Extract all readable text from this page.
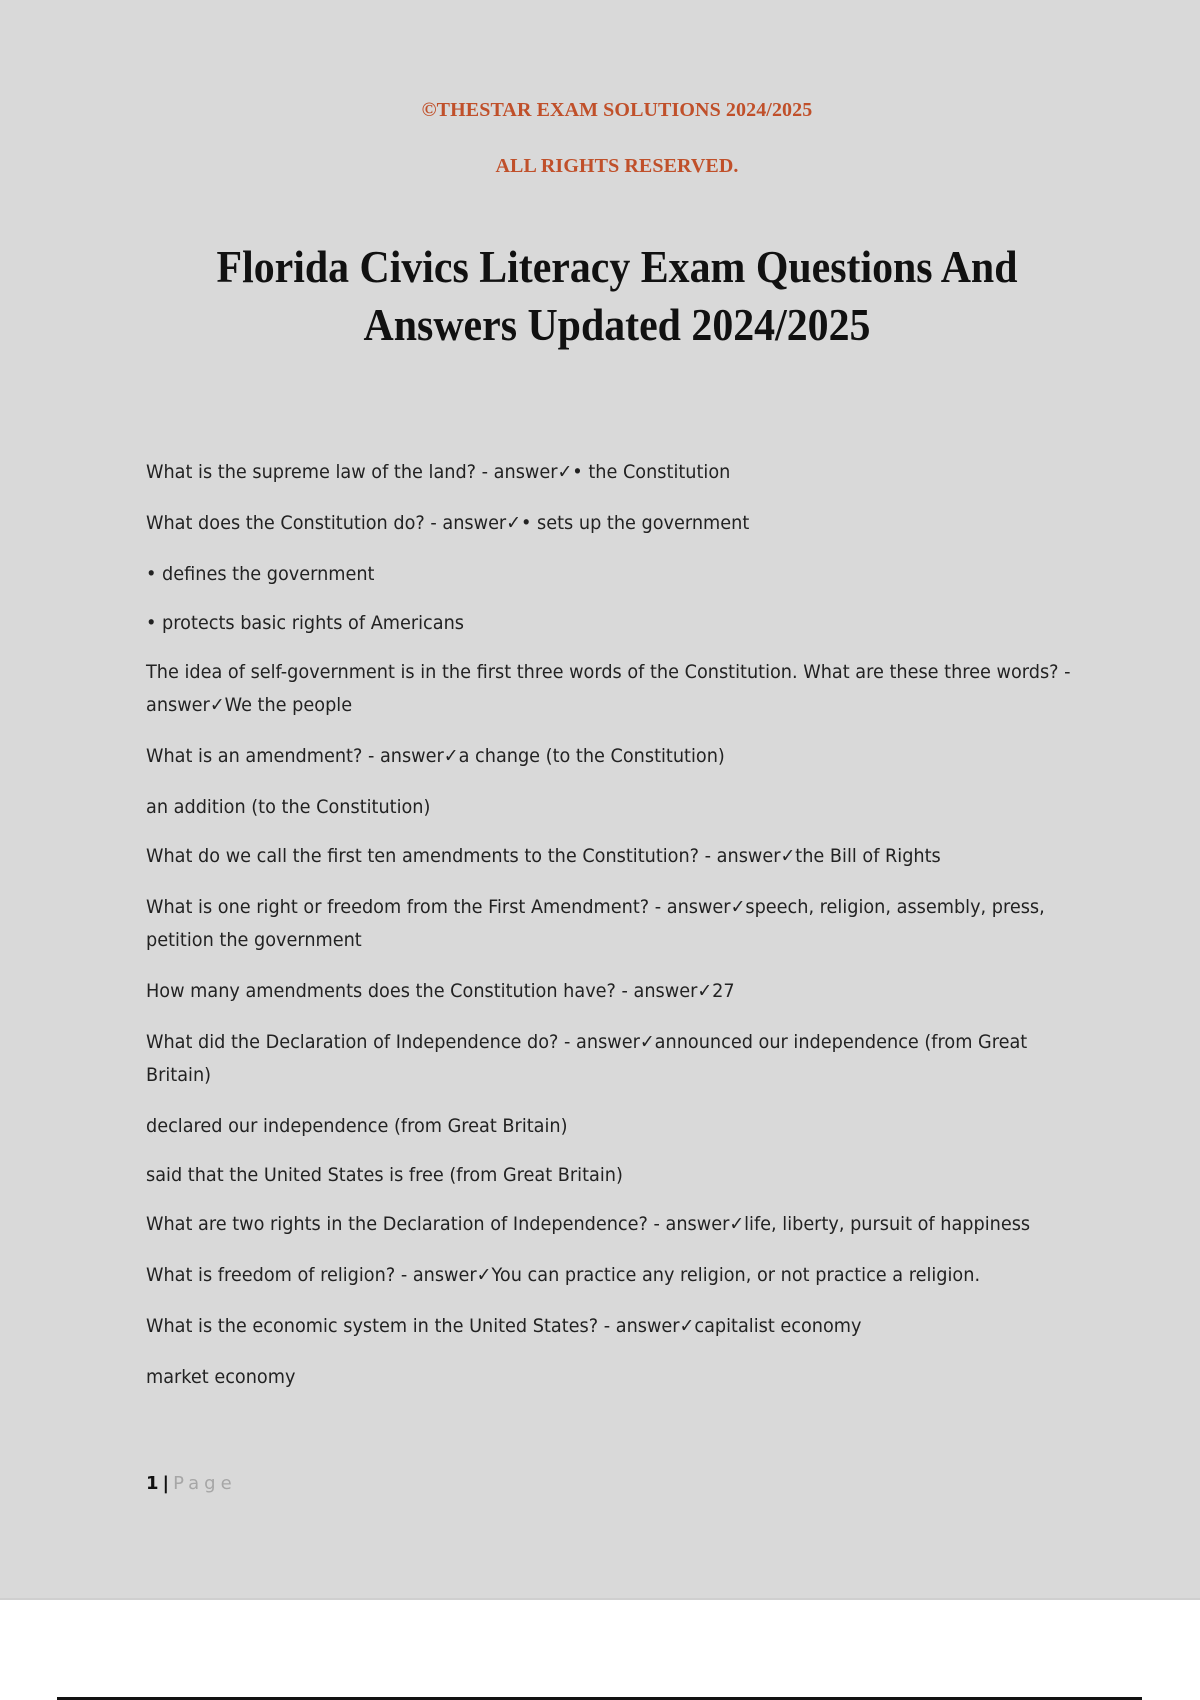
©THESTAR EXAM SOLUTIONS 2024/2025
ALL RIGHTS RESERVED.
Florida Civics Literacy Exam Questions And
Answers Updated 2024/2025

What is the supreme law of the land? - answer✓• the Constitution

What does the Constitution do? - answer✓• sets up the government

• defines the government

• protects basic rights of Americans

The idea of self-government is in the first three words of the Constitution. What are these three words? - answer✓We the people

What is an amendment? - answer✓a change (to the Constitution)

an addition (to the Constitution)

What do we call the first ten amendments to the Constitution? - answer✓the Bill of Rights

What is one right or freedom from the First Amendment? - answer✓speech, religion, assembly, press, petition the government

How many amendments does the Constitution have? - answer✓27

What did the Declaration of Independence do? - answer✓announced our independence (from Great Britain)

declared our independence (from Great Britain)

said that the United States is free (from Great Britain)

What are two rights in the Declaration of Independence? - answer✓life, liberty, pursuit of happiness

What is freedom of religion? - answer✓You can practice any religion, or not practice a religion.

What is the economic system in the United States? - answer✓capitalist economy

market economy

1 | Page
